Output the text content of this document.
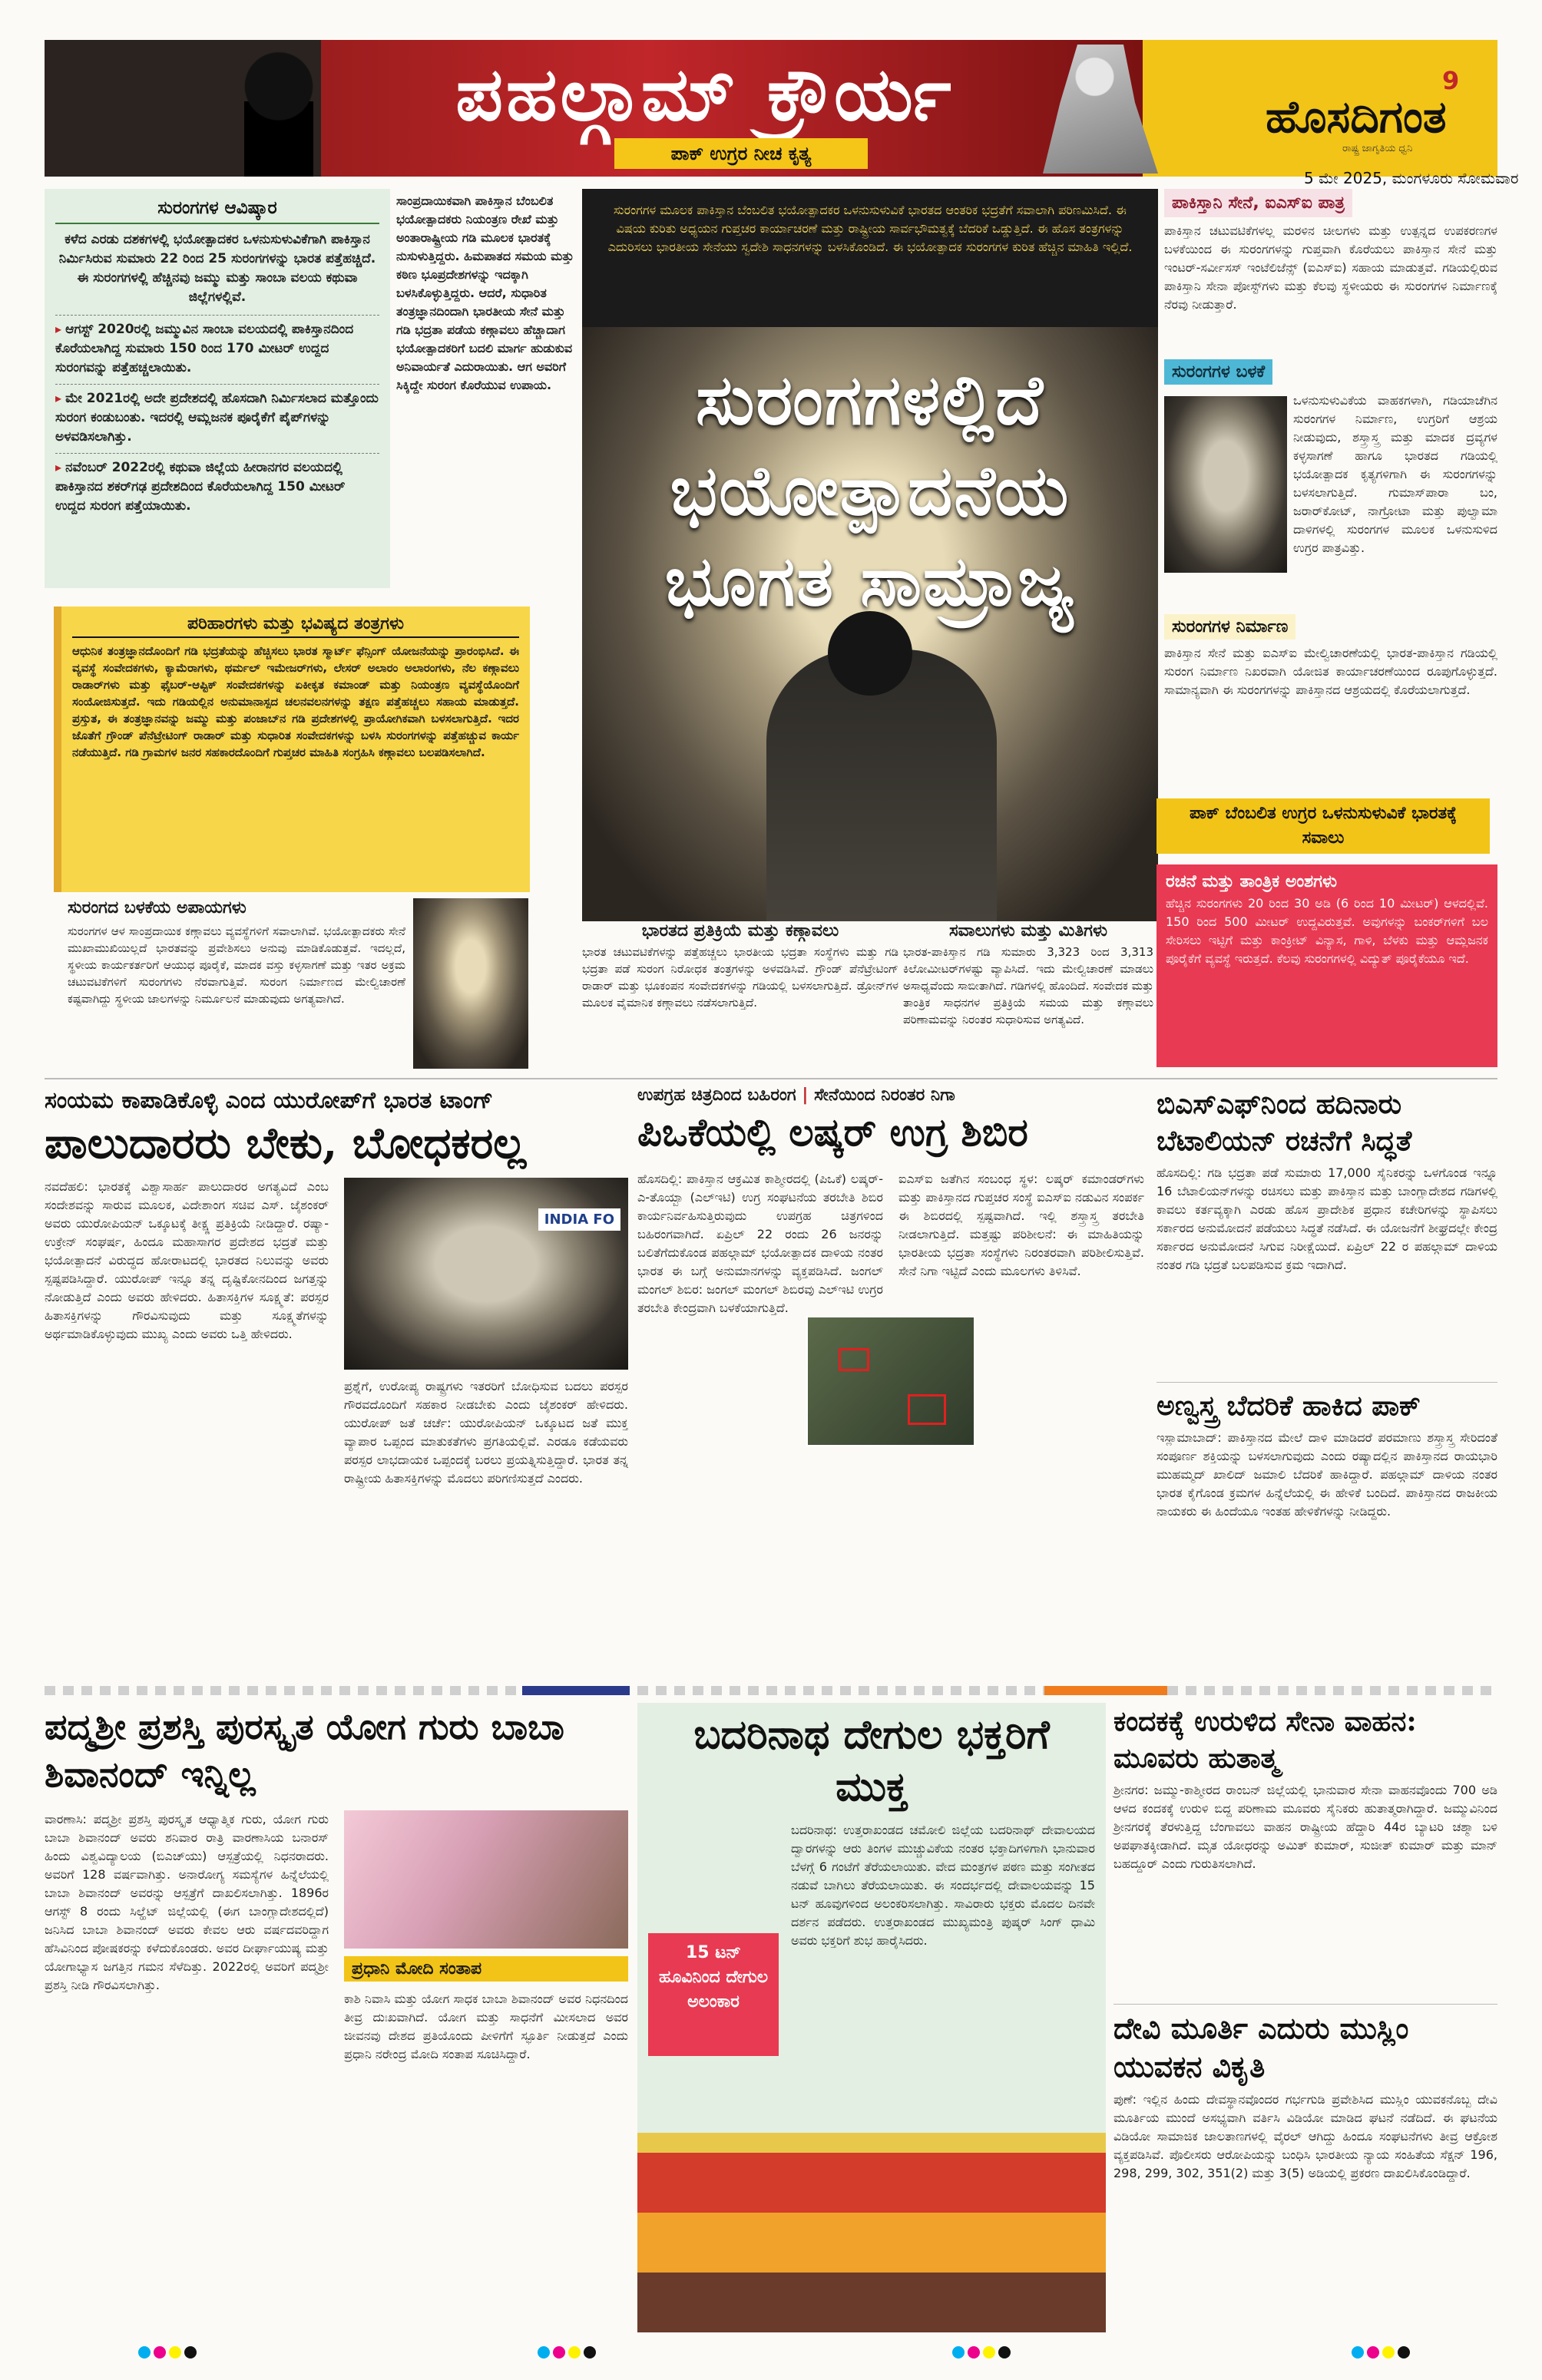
ಪಹಲ್ಗಾಮ್ ಕ್ರೌರ್ಯ
ಪಾಕ್ ಉಗ್ರರ ನೀಚ ಕೃತ್ಯ
9
ಹೊಸದಿಗಂತ
ರಾಷ್ಟ್ರ ಜಾಗೃತಿಯ ಧ್ವನಿ
5 ಮೇ 2025, ಮಂಗಳೂರು ಸೋಮವಾರ
ಸುರಂಗಗಳ ಆವಿಷ್ಕಾರ
ಕಳೆದ ಎರಡು ದಶಕಗಳಲ್ಲಿ ಭಯೋತ್ಪಾದಕರ ಒಳನುಸುಳುವಿಕೆಗಾಗಿ ಪಾಕಿಸ್ತಾನ ನಿರ್ಮಿಸಿರುವ ಸುಮಾರು 22 ರಿಂದ 25 ಸುರಂಗಗಳನ್ನು ಭಾರತ ಪತ್ತೆಹಚ್ಚಿದೆ. ಈ ಸುರಂಗಗಳಲ್ಲಿ ಹೆಚ್ಚಿನವು ಜಮ್ಮು ಮತ್ತು ಸಾಂಬಾ ವಲಯ ಕಥುವಾ ಜಿಲ್ಲೆಗಳಲ್ಲಿವೆ.
▸ ಆಗಸ್ಟ್ 2020ರಲ್ಲಿ ಜಮ್ಮುವಿನ ಸಾಂಬಾ ವಲಯದಲ್ಲಿ ಪಾಕಿಸ್ತಾನದಿಂದ ಕೊರೆಯಲಾಗಿದ್ದ ಸುಮಾರು 150 ರಿಂದ 170 ಮೀಟರ್ ಉದ್ದದ ಸುರಂಗವನ್ನು ಪತ್ತೆಹಚ್ಚಲಾಯಿತು.
▸ ಮೇ 2021ರಲ್ಲಿ ಅದೇ ಪ್ರದೇಶದಲ್ಲಿ ಹೊಸದಾಗಿ ನಿರ್ಮಿಸಲಾದ ಮತ್ತೊಂದು ಸುರಂಗ ಕಂಡುಬಂತು. ಇದರಲ್ಲಿ ಆಮ್ಲಜನಕ ಪೂರೈಕೆಗೆ ಪೈಪ್‌ಗಳನ್ನು ಅಳವಡಿಸಲಾಗಿತ್ತು.
▸ ನವೆಂಬರ್ 2022ರಲ್ಲಿ ಕಥುವಾ ಜಿಲ್ಲೆಯ ಹೀರಾನಗರ ವಲಯದಲ್ಲಿ ಪಾಕಿಸ್ತಾನದ ಶಕರ್‌ಗಢ ಪ್ರದೇಶದಿಂದ ಕೊರೆಯಲಾಗಿದ್ದ 150 ಮೀಟರ್ ಉದ್ದದ ಸುರಂಗ ಪತ್ತೆಯಾಯಿತು.
ಸಾಂಪ್ರದಾಯಿಕವಾಗಿ ಪಾಕಿಸ್ತಾನ ಬೆಂಬಲಿತ ಭಯೋತ್ಪಾದಕರು ನಿಯಂತ್ರಣ ರೇಖೆ ಮತ್ತು ಅಂತಾರಾಷ್ಟ್ರೀಯ ಗಡಿ ಮೂಲಕ ಭಾರತಕ್ಕೆ ನುಸುಳುತ್ತಿದ್ದರು. ಹಿಮಪಾತದ ಸಮಯ ಮತ್ತು ಕಠಿಣ ಭೂಪ್ರದೇಶಗಳನ್ನು ಇದಕ್ಕಾಗಿ ಬಳಸಿಕೊಳ್ಳುತ್ತಿದ್ದರು. ಆದರೆ, ಸುಧಾರಿತ ತಂತ್ರಜ್ಞಾನದಿಂದಾಗಿ ಭಾರತೀಯ ಸೇನೆ ಮತ್ತು ಗಡಿ ಭದ್ರತಾ ಪಡೆಯ ಕಣ್ಗಾವಲು ಹೆಚ್ಚಾದಾಗ ಭಯೋತ್ಪಾದಕರಿಗೆ ಬದಲಿ ಮಾರ್ಗ ಹುಡುಕುವ ಅನಿವಾರ್ಯತೆ ಎದುರಾಯಿತು. ಆಗ ಅವರಿಗೆ ಸಿಕ್ಕಿದ್ದೇ ಸುರಂಗ ಕೊರೆಯುವ ಉಪಾಯ.
ಸುರಂಗಗಳ ಮೂಲಕ ಪಾಕಿಸ್ತಾನ ಬೆಂಬಲಿತ ಭಯೋತ್ಪಾದಕರ ಒಳನುಸುಳುವಿಕೆ ಭಾರತದ ಆಂತರಿಕ ಭದ್ರತೆಗೆ ಸವಾಲಾಗಿ ಪರಿಣಮಿಸಿದೆ. ಈ ವಿಷಯ ಕುರಿತು ಅಧ್ಯಯನ ಗುಪ್ತಚರ ಕಾರ್ಯಾಚರಣೆ ಮತ್ತು ರಾಷ್ಟ್ರೀಯ ಸಾರ್ವಭೌಮತ್ವಕ್ಕೆ ಬೆದರಿಕೆ ಒಡ್ಡುತ್ತಿದೆ. ಈ ಹೊಸ ತಂತ್ರಗಳನ್ನು ಎದುರಿಸಲು ಭಾರತೀಯ ಸೇನೆಯು ಸ್ವದೇಶಿ ಸಾಧನಗಳನ್ನು ಬಳಸಿಕೊಂಡಿದೆ. ಈ ಭಯೋತ್ಪಾದಕ ಸುರಂಗಗಳ ಕುರಿತ ಹೆಚ್ಚಿನ ಮಾಹಿತಿ ಇಲ್ಲಿದೆ.
ಸುರಂಗಗಳಲ್ಲಿದೆ
ಭಯೋತ್ಪಾದನೆಯ
ಭೂಗತ ಸಾಮ್ರಾಜ್ಯ
ಪಾಕಿಸ್ತಾನಿ ಸೇನೆ, ಐಎಸ್‌ಐ ಪಾತ್ರ
ಪಾಕಿಸ್ತಾನ ಚಟುವಟಿಕೆಗಳಲ್ಲ ಮರಳಿನ ಚೀಲಗಳು ಮತ್ತು ಉತ್ಪನ್ನದ ಉಪಕರಣಗಳ ಬಳಕೆಯಿಂದ ಈ ಸುರಂಗಗಳನ್ನು ಗುಪ್ತವಾಗಿ ಕೊರೆಯಲು ಪಾಕಿಸ್ತಾನ ಸೇನೆ ಮತ್ತು ಇಂಟರ್-ಸರ್ವೀಸಸ್ ಇಂಟೆಲಿಜೆನ್ಸ್ (ಐಎಸ್‌ಐ) ಸಹಾಯ ಮಾಡುತ್ತವೆ. ಗಡಿಯಲ್ಲಿರುವ ಪಾಕಿಸ್ತಾನಿ ಸೇನಾ ಪೋಸ್ಟ್‌ಗಳು ಮತ್ತು ಕೆಲವು ಸ್ಥಳೀಯರು ಈ ಸುರಂಗಗಳ ನಿರ್ಮಾಣಕ್ಕೆ ನೆರವು ನೀಡುತ್ತಾರೆ.
ಸುರಂಗಗಳ ಬಳಕೆ
ಒಳನುಸುಳುವಿಕೆಯ ವಾಹಕಗಳಾಗಿ, ಗಡಿಯಾಚೆಗಿನ ಸುರಂಗಗಳ ನಿರ್ಮಾಣ, ಉಗ್ರರಿಗೆ ಆಶ್ರಯ ನೀಡುವುದು, ಶಸ್ತ್ರಾಸ್ತ್ರ ಮತ್ತು ಮಾದಕ ದ್ರವ್ಯಗಳ ಕಳ್ಳಸಾಗಣೆ ಹಾಗೂ ಭಾರತದ ಗಡಿಯಲ್ಲಿ ಭಯೋತ್ಪಾದಕ ಕೃತ್ಯಗಳಿಗಾಗಿ ಈ ಸುರಂಗಗಳನ್ನು ಬಳಸಲಾಗುತ್ತಿದೆ. ಗುಮಾಸ್‌ಪಾರಾ ಬಂ, ಜರಾರ್‌ಕೋಟ್, ನಾಗ್ರೋಟಾ ಮತ್ತು ಪುಲ್ವಾಮಾ ದಾಳಿಗಳಲ್ಲಿ ಸುರಂಗಗಳ ಮೂಲಕ ಒಳನುಸುಳಿದ ಉಗ್ರರ ಪಾತ್ರವಿತ್ತು.
ಸುರಂಗಗಳ ನಿರ್ಮಾಣ
ಪಾಕಿಸ್ತಾನ ಸೇನೆ ಮತ್ತು ಐಎಸ್‌ಐ ಮೇಲ್ವಿಚಾರಣೆಯಲ್ಲಿ ಭಾರತ-ಪಾಕಿಸ್ತಾನ ಗಡಿಯಲ್ಲಿ ಸುರಂಗ ನಿರ್ಮಾಣ ನಿಖರವಾಗಿ ಯೋಜಿತ ಕಾರ್ಯಾಚರಣೆಯಿಂದ ರೂಪುಗೊಳ್ಳುತ್ತದೆ. ಸಾಮಾನ್ಯವಾಗಿ ಈ ಸುರಂಗಗಳನ್ನು ಪಾಕಿಸ್ತಾನದ ಆಶ್ರಯದಲ್ಲಿ ಕೊರೆಯಲಾಗುತ್ತದೆ.
ಪಾಕ್ ಬೆಂಬಲಿತ ಉಗ್ರರ ಒಳನುಸುಳುವಿಕೆ ಭಾರತಕ್ಕೆ ಸವಾಲು
ರಚನೆ ಮತ್ತು ತಾಂತ್ರಿಕ ಅಂಶಗಳು
ಹೆಚ್ಚಿನ ಸುರಂಗಗಳು 20 ರಿಂದ 30 ಅಡಿ (6 ರಿಂದ 10 ಮೀಟರ್) ಆಳದಲ್ಲಿವೆ. 150 ರಿಂದ 500 ಮೀಟರ್ ಉದ್ದವಿರುತ್ತವೆ. ಅವುಗಳನ್ನು ಬಂಕರ್‌ಗಳಿಗೆ ಬಲ ಸೇರಿಸಲು ಇಟ್ಟಿಗೆ ಮತ್ತು ಕಾಂಕ್ರೀಟ್ ವಿನ್ಯಾಸ, ಗಾಳಿ, ಬೆಳಕು ಮತ್ತು ಆಮ್ಲಜನಕ ಪೂರೈಕೆಗೆ ವ್ಯವಸ್ಥೆ ಇರುತ್ತದೆ. ಕೆಲವು ಸುರಂಗಗಳಲ್ಲಿ ವಿದ್ಯುತ್ ಪೂರೈಕೆಯೂ ಇದೆ.
ಪರಿಹಾರಗಳು ಮತ್ತು ಭವಿಷ್ಯದ ತಂತ್ರಗಳು
ಆಧುನಿಕ ತಂತ್ರಜ್ಞಾನದೊಂದಿಗೆ ಗಡಿ ಭದ್ರತೆಯನ್ನು ಹೆಚ್ಚಿಸಲು ಭಾರತ ಸ್ಮಾರ್ಟ್ ಫೆನ್ಸಿಂಗ್ ಯೋಜನೆಯನ್ನು ಪ್ರಾರಂಭಿಸಿದೆ. ಈ ವ್ಯವಸ್ಥೆ ಸಂವೇದಕಗಳು, ಕ್ಯಾಮೆರಾಗಳು, ಥರ್ಮಲ್ ಇಮೇಜರ್‌ಗಳು, ಲೇಸರ್ ಅಲಾರಂ ಅಲಾರಂಗಳು, ನೆಲ ಕಣ್ಗಾವಲು ರಾಡಾರ್‌ಗಳು ಮತ್ತು ಫೈಬರ್-ಆಪ್ಟಿಕ್ ಸಂವೇದಕಗಳನ್ನು ಏಕೀಕೃತ ಕಮಾಂಡ್ ಮತ್ತು ನಿಯಂತ್ರಣ ವ್ಯವಸ್ಥೆಯೊಂದಿಗೆ ಸಂಯೋಜಿಸುತ್ತದೆ. ಇದು ಗಡಿಯಲ್ಲಿನ ಅನುಮಾನಾಸ್ಪದ ಚಲನವಲನಗಳನ್ನು ತಕ್ಷಣ ಪತ್ತೆಹಚ್ಚಲು ಸಹಾಯ ಮಾಡುತ್ತದೆ. ಪ್ರಸ್ತುತ, ಈ ತಂತ್ರಜ್ಞಾನವನ್ನು ಜಮ್ಮು ಮತ್ತು ಪಂಜಾಬ್‌ನ ಗಡಿ ಪ್ರದೇಶಗಳಲ್ಲಿ ಪ್ರಾಯೋಗಿಕವಾಗಿ ಬಳಸಲಾಗುತ್ತಿದೆ. ಇದರ ಜೊತೆಗೆ ಗ್ರೌಂಡ್ ಪೆನೆಟ್ರೇಟಿಂಗ್ ರಾಡಾರ್ ಮತ್ತು ಸುಧಾರಿತ ಸಂವೇದಕಗಳನ್ನು ಬಳಸಿ ಸುರಂಗಗಳನ್ನು ಪತ್ತೆಹಚ್ಚುವ ಕಾರ್ಯ ನಡೆಯುತ್ತಿದೆ. ಗಡಿ ಗ್ರಾಮಗಳ ಜನರ ಸಹಕಾರದೊಂದಿಗೆ ಗುಪ್ತಚರ ಮಾಹಿತಿ ಸಂಗ್ರಹಿಸಿ ಕಣ್ಗಾವಲು ಬಲಪಡಿಸಲಾಗಿದೆ.
ಸುರಂಗದ ಬಳಕೆಯ ಅಪಾಯಗಳು
ಸುರಂಗಗಳ ಆಳ ಸಾಂಪ್ರದಾಯಿಕ ಕಣ್ಗಾವಲು ವ್ಯವಸ್ಥೆಗಳಿಗೆ ಸವಾಲಾಗಿವೆ. ಭಯೋತ್ಪಾದಕರು ಸೇನೆ ಮುಖಾಮುಖಿಯಿಲ್ಲದೆ ಭಾರತವನ್ನು ಪ್ರವೇಶಿಸಲು ಅನುವು ಮಾಡಿಕೊಡುತ್ತವೆ. ಇದಲ್ಲದೆ, ಸ್ಥಳೀಯ ಕಾರ್ಯಕರ್ತರಿಗೆ ಆಯುಧ ಪೂರೈಕೆ, ಮಾದಕ ವಸ್ತು ಕಳ್ಳಸಾಗಣೆ ಮತ್ತು ಇತರ ಅಕ್ರಮ ಚಟುವಟಿಕೆಗಳಿಗೆ ಸುರಂಗಗಳು ನೆರವಾಗುತ್ತಿವೆ. ಸುರಂಗ ನಿರ್ಮಾಣದ ಮೇಲ್ವಿಚಾರಣೆ ಕಷ್ಟವಾಗಿದ್ದು ಸ್ಥಳೀಯ ಜಾಲಗಳನ್ನು ನಿರ್ಮೂಲನೆ ಮಾಡುವುದು ಅಗತ್ಯವಾಗಿದೆ.
ಭಾರತದ ಪ್ರತಿಕ್ರಿಯೆ ಮತ್ತು ಕಣ್ಗಾವಲು
ಭಾರತ ಚಟುವಟಿಕೆಗಳನ್ನು ಪತ್ತೆಹಚ್ಚಲು ಭಾರತೀಯ ಭದ್ರತಾ ಸಂಸ್ಥೆಗಳು ಮತ್ತು ಗಡಿ ಭದ್ರತಾ ಪಡೆ ಸುರಂಗ ನಿರೋಧಕ ತಂತ್ರಗಳನ್ನು ಅಳವಡಿಸಿವೆ. ಗ್ರೌಂಡ್ ಪೆನೆಟ್ರೇಟಿಂಗ್ ರಾಡಾರ್ ಮತ್ತು ಭೂಕಂಪನ ಸಂವೇದಕಗಳನ್ನು ಗಡಿಯಲ್ಲಿ ಬಳಸಲಾಗುತ್ತಿದೆ. ಡ್ರೋನ್‌ಗಳ ಮೂಲಕ ವೈಮಾನಿಕ ಕಣ್ಗಾವಲು ನಡೆಸಲಾಗುತ್ತಿದೆ.
ಸವಾಲುಗಳು ಮತ್ತು ಮಿತಿಗಳು
ಭಾರತ-ಪಾಕಿಸ್ತಾನ ಗಡಿ ಸುಮಾರು 3,323 ರಿಂದ 3,313 ಕಿಲೋಮೀಟರ್‌ಗಳಷ್ಟು ವ್ಯಾಪಿಸಿದೆ. ಇದು ಮೇಲ್ವಿಚಾರಣೆ ಮಾಡಲು ಅಸಾಧ್ಯವೆಂದು ಸಾಬೀತಾಗಿದೆ. ಗಡಿಗಳಲ್ಲಿ ಹೊಂದಿದೆ. ಸಂವೇದಕ ಮತ್ತು ತಾಂತ್ರಿಕ ಸಾಧನಗಳ ಪ್ರತಿಕ್ರಿಯೆ ಸಮಯ ಮತ್ತು ಕಣ್ಗಾವಲು ಪರಿಣಾಮವನ್ನು ನಿರಂತರ ಸುಧಾರಿಸುವ ಅಗತ್ಯವಿದೆ.
ಸಂಯಮ ಕಾಪಾಡಿಕೊಳ್ಳಿ ಎಂದ ಯುರೋಪ್‌ಗೆ ಭಾರತ ಟಾಂಗ್
ಪಾಲುದಾರರು ಬೇಕು, ಬೋಧಕರಲ್ಲ
ನವದೆಹಲಿ: ಭಾರತಕ್ಕೆ ವಿಶ್ವಾಸಾರ್ಹ ಪಾಲುದಾರರ ಅಗತ್ಯವಿದೆ ಎಂಬ ಸಂದೇಶವನ್ನು ಸಾರುವ ಮೂಲಕ, ವಿದೇಶಾಂಗ ಸಚಿವ ಎಸ್. ಜೈಶಂಕರ್ ಅವರು ಯುರೋಪಿಯನ್ ಒಕ್ಕೂಟಕ್ಕೆ ತೀಕ್ಷ್ಣ ಪ್ರತಿಕ್ರಿಯೆ ನೀಡಿದ್ದಾರೆ. ರಷ್ಯಾ-ಉಕ್ರೇನ್ ಸಂಘರ್ಷ, ಹಿಂದೂ ಮಹಾಸಾಗರ ಪ್ರದೇಶದ ಭದ್ರತೆ ಮತ್ತು ಭಯೋತ್ಪಾದನೆ ವಿರುದ್ಧದ ಹೋರಾಟದಲ್ಲಿ ಭಾರತದ ನಿಲುವನ್ನು ಅವರು ಸ್ಪಷ್ಟಪಡಿಸಿದ್ದಾರೆ. ಯುರೋಪ್ ಇನ್ನೂ ತನ್ನ ದೃಷ್ಟಿಕೋನದಿಂದ ಜಗತ್ತನ್ನು ನೋಡುತ್ತಿದೆ ಎಂದು ಅವರು ಹೇಳಿದರು. ಹಿತಾಸಕ್ತಿಗಳ ಸೂಕ್ಷ್ಮತೆ: ಪರಸ್ಪರ ಹಿತಾಸಕ್ತಿಗಳನ್ನು ಗೌರವಿಸುವುದು ಮತ್ತು ಸೂಕ್ಷ್ಮತೆಗಳನ್ನು ಅರ್ಥಮಾಡಿಕೊಳ್ಳುವುದು ಮುಖ್ಯ ಎಂದು ಅವರು ಒತ್ತಿ ಹೇಳಿದರು.
INDIA FO
ಪ್ರಶ್ನೆಗೆ, ಉರೋಪ್ಯ ರಾಷ್ಟ್ರಗಳು ಇತರರಿಗೆ ಬೋಧಿಸುವ ಬದಲು ಪರಸ್ಪರ ಗೌರವದೊಂದಿಗೆ ಸಹಕಾರ ನೀಡಬೇಕು ಎಂದು ಜೈಶಂಕರ್ ಹೇಳಿದರು. ಯುರೋಪ್ ಜತೆ ಚರ್ಚೆ: ಯುರೋಪಿಯನ್ ಒಕ್ಕೂಟದ ಜತೆ ಮುಕ್ತ ವ್ಯಾಪಾರ ಒಪ್ಪಂದ ಮಾತುಕತೆಗಳು ಪ್ರಗತಿಯಲ್ಲಿವೆ. ಎರಡೂ ಕಡೆಯವರು ಪರಸ್ಪರ ಲಾಭದಾಯಕ ಒಪ್ಪಂದಕ್ಕೆ ಬರಲು ಪ್ರಯತ್ನಿಸುತ್ತಿದ್ದಾರೆ. ಭಾರತ ತನ್ನ ರಾಷ್ಟ್ರೀಯ ಹಿತಾಸಕ್ತಿಗಳನ್ನು ಮೊದಲು ಪರಿಗಣಿಸುತ್ತದೆ ಎಂದರು.
ಉಪಗ್ರಹ ಚಿತ್ರದಿಂದ ಬಹಿರಂಗ | ಸೇನೆಯಿಂದ ನಿರಂತರ ನಿಗಾ
ಪಿಒಕೆಯಲ್ಲಿ ಲಷ್ಕರ್ ಉಗ್ರ ಶಿಬಿರ
ಹೊಸದಿಲ್ಲಿ: ಪಾಕಿಸ್ತಾನ ಆಕ್ರಮಿತ ಕಾಶ್ಮೀರದಲ್ಲಿ (ಪಿಒಕೆ) ಲಷ್ಕರ್-ಎ-ತೊಯ್ಬಾ (ಎಲ್‌ಇಟಿ) ಉಗ್ರ ಸಂಘಟನೆಯ ತರಬೇತಿ ಶಿಬಿರ ಕಾರ್ಯನಿರ್ವಹಿಸುತ್ತಿರುವುದು ಉಪಗ್ರಹ ಚಿತ್ರಗಳಿಂದ ಬಹಿರಂಗವಾಗಿದೆ. ಏಪ್ರಿಲ್ 22 ರಂದು 26 ಜನರನ್ನು ಬಲಿತೆಗೆದುಕೊಂಡ ಪಹಲ್ಗಾಮ್ ಭಯೋತ್ಪಾದಕ ದಾಳಿಯ ನಂತರ ಭಾರತ ಈ ಬಗ್ಗೆ ಅನುಮಾನಗಳನ್ನು ವ್ಯಕ್ತಪಡಿಸಿದೆ. ಜಂಗಲ್ ಮಂಗಲ್ ಶಿಬಿರ: ಜಂಗಲ್ ಮಂಗಲ್ ಶಿಬಿರವು ಎಲ್‌ಇಟಿ ಉಗ್ರರ ತರಬೇತಿ ಕೇಂದ್ರವಾಗಿ ಬಳಕೆಯಾಗುತ್ತಿದೆ.
ಐಎಸ್‌ಐ ಜತೆಗಿನ ಸಂಬಂಧ ಸ್ಥಳ: ಲಷ್ಕರ್ ಕಮಾಂಡರ್‌ಗಳು ಮತ್ತು ಪಾಕಿಸ್ತಾನದ ಗುಪ್ತಚರ ಸಂಸ್ಥೆ ಐಎಸ್‌ಐ ನಡುವಿನ ಸಂಪರ್ಕ ಈ ಶಿಬಿರದಲ್ಲಿ ಸ್ಪಷ್ಟವಾಗಿದೆ. ಇಲ್ಲಿ ಶಸ್ತ್ರಾಸ್ತ್ರ ತರಬೇತಿ ನೀಡಲಾಗುತ್ತಿದೆ. ಮತ್ತಷ್ಟು ಪರಿಶೀಲನೆ: ಈ ಮಾಹಿತಿಯನ್ನು ಭಾರತೀಯ ಭದ್ರತಾ ಸಂಸ್ಥೆಗಳು ನಿರಂತರವಾಗಿ ಪರಿಶೀಲಿಸುತ್ತಿವೆ. ಸೇನೆ ನಿಗಾ ಇಟ್ಟಿದೆ ಎಂದು ಮೂಲಗಳು ತಿಳಿಸಿವೆ.
ಬಿಎಸ್‌ಎಫ್‌ನಿಂದ ಹದಿನಾರು ಬೆಟಾಲಿಯನ್ ರಚನೆಗೆ ಸಿದ್ಧತೆ
ಹೊಸದಿಲ್ಲಿ: ಗಡಿ ಭದ್ರತಾ ಪಡೆ ಸುಮಾರು 17,000 ಸೈನಿಕರನ್ನು ಒಳಗೊಂಡ ಇನ್ನೂ 16 ಬೆಟಾಲಿಯನ್‌ಗಳನ್ನು ರಚಿಸಲು ಮತ್ತು ಪಾಕಿಸ್ತಾನ ಮತ್ತು ಬಾಂಗ್ಲಾದೇಶದ ಗಡಿಗಳಲ್ಲಿ ಕಾವಲು ಕರ್ತವ್ಯಕ್ಕಾಗಿ ಎರಡು ಹೊಸ ಪ್ರಾದೇಶಿಕ ಪ್ರಧಾನ ಕಚೇರಿಗಳನ್ನು ಸ್ಥಾಪಿಸಲು ಸರ್ಕಾರದ ಅನುಮೋದನೆ ಪಡೆಯಲು ಸಿದ್ಧತೆ ನಡೆಸಿದೆ. ಈ ಯೋಜನೆಗೆ ಶೀಘ್ರದಲ್ಲೇ ಕೇಂದ್ರ ಸರ್ಕಾರದ ಅನುಮೋದನೆ ಸಿಗುವ ನಿರೀಕ್ಷೆಯಿದೆ. ಏಪ್ರಿಲ್ 22 ರ ಪಹಲ್ಗಾಮ್ ದಾಳಿಯ ನಂತರ ಗಡಿ ಭದ್ರತೆ ಬಲಪಡಿಸುವ ಕ್ರಮ ಇದಾಗಿದೆ.
ಅಣ್ವಸ್ತ್ರ ಬೆದರಿಕೆ ಹಾಕಿದ ಪಾಕ್
ಇಸ್ಲಾಮಾಬಾದ್: ಪಾಕಿಸ್ತಾನದ ಮೇಲೆ ದಾಳಿ ಮಾಡಿದರೆ ಪರಮಾಣು ಶಸ್ತ್ರಾಸ್ತ್ರ ಸೇರಿದಂತೆ ಸಂಪೂರ್ಣ ಶಕ್ತಿಯನ್ನು ಬಳಸಲಾಗುವುದು ಎಂದು ರಷ್ಯಾದಲ್ಲಿನ ಪಾಕಿಸ್ತಾನದ ರಾಯಭಾರಿ ಮುಹಮ್ಮದ್ ಖಾಲಿದ್ ಜಮಾಲಿ ಬೆದರಿಕೆ ಹಾಕಿದ್ದಾರೆ. ಪಹಲ್ಗಾಮ್ ದಾಳಿಯ ನಂತರ ಭಾರತ ಕೈಗೊಂಡ ಕ್ರಮಗಳ ಹಿನ್ನೆಲೆಯಲ್ಲಿ ಈ ಹೇಳಿಕೆ ಬಂದಿದೆ. ಪಾಕಿಸ್ತಾನದ ರಾಜಕೀಯ ನಾಯಕರು ಈ ಹಿಂದೆಯೂ ಇಂತಹ ಹೇಳಿಕೆಗಳನ್ನು ನೀಡಿದ್ದರು.
ಪದ್ಮಶ್ರೀ ಪ್ರಶಸ್ತಿ ಪುರಸ್ಕೃತ ಯೋಗ ಗುರು ಬಾಬಾ ಶಿವಾನಂದ್ ಇನ್ನಿಲ್ಲ
ವಾರಣಾಸಿ: ಪದ್ಮಶ್ರೀ ಪ್ರಶಸ್ತಿ ಪುರಸ್ಕೃತ ಆಧ್ಯಾತ್ಮಿಕ ಗುರು, ಯೋಗ ಗುರು ಬಾಬಾ ಶಿವಾನಂದ್ ಅವರು ಶನಿವಾರ ರಾತ್ರಿ ವಾರಣಾಸಿಯ ಬನಾರಸ್ ಹಿಂದು ವಿಶ್ವವಿದ್ಯಾಲಯ (ಬಿಎಚ್‌ಯು) ಆಸ್ಪತ್ರೆಯಲ್ಲಿ ನಿಧನರಾದರು. ಅವರಿಗೆ 128 ವರ್ಷವಾಗಿತ್ತು. ಅನಾರೋಗ್ಯ ಸಮಸ್ಯೆಗಳ ಹಿನ್ನೆಲೆಯಲ್ಲಿ ಬಾಬಾ ಶಿವಾನಂದ್ ಅವರನ್ನು ಆಸ್ಪತ್ರೆಗೆ ದಾಖಲಿಸಲಾಗಿತ್ತು. 1896ರ ಆಗಸ್ಟ್ 8 ರಂದು ಸಿಲ್ಹೆಟ್ ಜಿಲ್ಲೆಯಲ್ಲಿ (ಈಗ ಬಾಂಗ್ಲಾದೇಶದಲ್ಲಿದೆ) ಜನಿಸಿದ ಬಾಬಾ ಶಿವಾನಂದ್ ಅವರು ಕೇವಲ ಆರು ವರ್ಷದವರಿದ್ದಾಗ ಹೆಸಿವಿನಿಂದ ಪೋಷಕರನ್ನು ಕಳೆದುಕೊಂಡರು. ಅವರ ದೀರ್ಘಾಯುಷ್ಯ ಮತ್ತು ಯೋಗಾಭ್ಯಾಸ ಜಗತ್ತಿನ ಗಮನ ಸೆಳೆದಿತ್ತು. 2022ರಲ್ಲಿ ಅವರಿಗೆ ಪದ್ಮಶ್ರೀ ಪ್ರಶಸ್ತಿ ನೀಡಿ ಗೌರವಿಸಲಾಗಿತ್ತು.
ಪ್ರಧಾನಿ ಮೋದಿ ಸಂತಾಪ
ಕಾಶಿ ನಿವಾಸಿ ಮತ್ತು ಯೋಗ ಸಾಧಕ ಬಾಬಾ ಶಿವಾನಂದ್ ಅವರ ನಿಧನದಿಂದ ತೀವ್ರ ದುಃಖವಾಗಿದೆ. ಯೋಗ ಮತ್ತು ಸಾಧನೆಗೆ ಮೀಸಲಾದ ಅವರ ಜೀವನವು ದೇಶದ ಪ್ರತಿಯೊಂದು ಪೀಳಿಗೆಗೆ ಸ್ಫೂರ್ತಿ ನೀಡುತ್ತದೆ ಎಂದು ಪ್ರಧಾನಿ ನರೇಂದ್ರ ಮೋದಿ ಸಂತಾಪ ಸೂಚಿಸಿದ್ದಾರೆ.
ಬದರಿನಾಥ ದೇಗುಲ ಭಕ್ತರಿಗೆ ಮುಕ್ತ
ಬದರಿನಾಥ: ಉತ್ತರಾಖಂಡದ ಚಮೋಲಿ ಜಿಲ್ಲೆಯ ಬದರಿನಾಥ್ ದೇವಾಲಯದ ದ್ವಾರಗಳನ್ನು ಆರು ತಿಂಗಳ ಮುಚ್ಚುವಿಕೆಯ ನಂತರ ಭಕ್ತಾದಿಗಳಿಗಾಗಿ ಭಾನುವಾರ ಬೆಳಗ್ಗೆ 6 ಗಂಟೆಗೆ ತೆರೆಯಲಾಯಿತು. ವೇದ ಮಂತ್ರಗಳ ಪಠಣ ಮತ್ತು ಸಂಗೀತದ ನಡುವೆ ಬಾಗಿಲು ತೆರೆಯಲಾಯಿತು. ಈ ಸಂದರ್ಭದಲ್ಲಿ ದೇವಾಲಯವನ್ನು 15 ಟನ್ ಹೂವುಗಳಿಂದ ಅಲಂಕರಿಸಲಾಗಿತ್ತು. ಸಾವಿರಾರು ಭಕ್ತರು ಮೊದಲ ದಿನವೇ ದರ್ಶನ ಪಡೆದರು. ಉತ್ತರಾಖಂಡದ ಮುಖ್ಯಮಂತ್ರಿ ಪುಷ್ಕರ್ ಸಿಂಗ್ ಧಾಮಿ ಅವರು ಭಕ್ತರಿಗೆ ಶುಭ ಹಾರೈಸಿದರು.
15 ಟನ್ ಹೂವಿನಿಂದ ದೇಗುಲ ಅಲಂಕಾರ
ಕಂದಕಕ್ಕೆ ಉರುಳಿದ ಸೇನಾ ವಾಹನ: ಮೂವರು ಹುತಾತ್ಮ
ಶ್ರೀನಗರ: ಜಮ್ಮು-ಕಾಶ್ಮೀರದ ರಾಂಬನ್ ಜಿಲ್ಲೆಯಲ್ಲಿ ಭಾನುವಾರ ಸೇನಾ ವಾಹನವೊಂದು 700 ಅಡಿ ಆಳದ ಕಂದಕಕ್ಕೆ ಉರುಳಿ ಬಿದ್ದ ಪರಿಣಾಮ ಮೂವರು ಸೈನಿಕರು ಹುತಾತ್ಮರಾಗಿದ್ದಾರೆ. ಜಮ್ಮುವಿನಿಂದ ಶ್ರೀನಗರಕ್ಕೆ ತೆರಳುತ್ತಿದ್ದ ಬೆಂಗಾವಲು ವಾಹನ ರಾಷ್ಟ್ರೀಯ ಹೆದ್ದಾರಿ 44ರ ಬ್ಯಾಟರಿ ಚಶ್ಮಾ ಬಳಿ ಅಪಘಾತಕ್ಕೀಡಾಗಿದೆ. ಮೃತ ಯೋಧರನ್ನು ಅಮಿತ್ ಕುಮಾರ್, ಸುಜೀತ್ ಕುಮಾರ್ ಮತ್ತು ಮಾನ್ ಬಹದ್ದೂರ್ ಎಂದು ಗುರುತಿಸಲಾಗಿದೆ.
ದೇವಿ ಮೂರ್ತಿ ಎದುರು ಮುಸ್ಲಿಂ ಯುವಕನ ವಿಕೃತಿ
ಪುಣೆ: ಇಲ್ಲಿನ ಹಿಂದು ದೇವಸ್ಥಾನವೊಂದರ ಗರ್ಭಗುಡಿ ಪ್ರವೇಶಿಸಿದ ಮುಸ್ಲಿಂ ಯುವಕನೊಬ್ಬ ದೇವಿ ಮೂರ್ತಿಯ ಮುಂದೆ ಅಸಭ್ಯವಾಗಿ ವರ್ತಿಸಿ ವಿಡಿಯೋ ಮಾಡಿದ ಘಟನೆ ನಡೆದಿದೆ. ಈ ಘಟನೆಯ ವಿಡಿಯೋ ಸಾಮಾಜಿಕ ಜಾಲತಾಣಗಳಲ್ಲಿ ವೈರಲ್ ಆಗಿದ್ದು ಹಿಂದೂ ಸಂಘಟನೆಗಳು ತೀವ್ರ ಆಕ್ರೋಶ ವ್ಯಕ್ತಪಡಿಸಿವೆ. ಪೊಲೀಸರು ಆರೋಪಿಯನ್ನು ಬಂಧಿಸಿ ಭಾರತೀಯ ನ್ಯಾಯ ಸಂಹಿತೆಯ ಸೆಕ್ಷನ್ 196, 298, 299, 302, 351(2) ಮತ್ತು 3(5) ಅಡಿಯಲ್ಲಿ ಪ್ರಕರಣ ದಾಖಲಿಸಿಕೊಂಡಿದ್ದಾರೆ.
